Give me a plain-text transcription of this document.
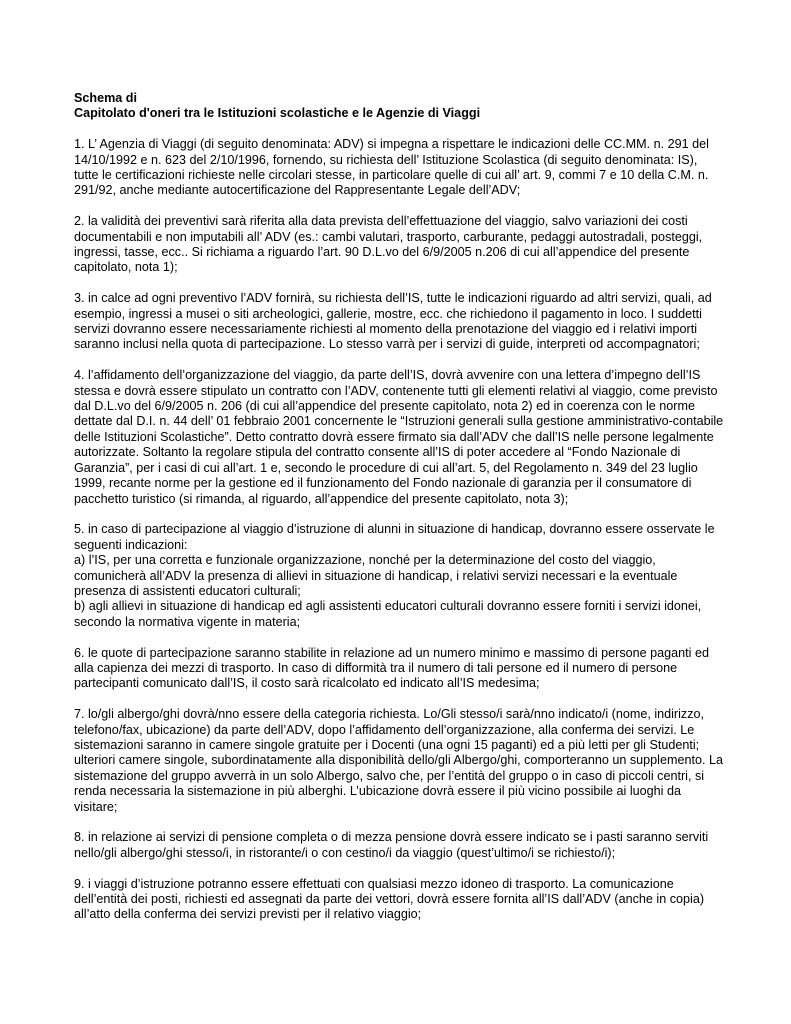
Schema di

Capitolato d'oneri tra le Istituzioni scolastiche e le Agenzie di Viaggi

1. L’ Agenzia di Viaggi (di seguito denominata: ADV) si impegna a rispettare le indicazioni delle CC.MM. n. 291 del 14/10/1992 e n. 623 del 2/10/1996, fornendo, su richiesta dell’ Istituzione Scolastica (di seguito denominata: IS), tutte le certificazioni richieste nelle circolari stesse, in particolare quelle di cui all’ art. 9, commi 7 e 10 della C.M. n. 291/92, anche mediante autocertificazione del Rappresentante Legale dell’ADV;

2. la validità dei preventivi sarà riferita alla data prevista dell’effettuazione del viaggio, salvo variazioni dei costi documentabili e non imputabili all’ ADV (es.: cambi valutari, trasporto, carburante, pedaggi autostradali, posteggi, ingressi, tasse, ecc.. Si richiama a riguardo l’art. 90 D.L.vo del 6/9/2005 n.206 di cui all’appendice del presente capitolato, nota 1);

3. in calce ad ogni preventivo l’ADV fornirà, su richiesta dell’IS, tutte le indicazioni riguardo ad altri servizi, quali, ad esempio, ingressi a musei o siti archeologici, gallerie, mostre, ecc. che richiedono il pagamento in loco. I suddetti servizi dovranno essere necessariamente richiesti al momento della prenotazione del viaggio ed i relativi importi saranno inclusi nella quota di partecipazione. Lo stesso varrà per i servizi di guide, interpreti od accompagnatori;

4. l’affidamento dell’organizzazione del viaggio, da parte dell’IS, dovrà avvenire con una lettera d’impegno dell’IS stessa e dovrà essere stipulato un contratto con l’ADV, contenente tutti gli elementi relativi al viaggio, come previsto dal D.L.vo del 6/9/2005 n. 206 (di cui all’appendice del presente capitolato, nota 2) ed in coerenza con le norme dettate dal D.I. n. 44 dell’ 01 febbraio 2001 concernente le “Istruzioni generali sulla gestione amministrativo-contabile delle Istituzioni Scolastiche”. Detto contratto dovrà essere firmato sia dall’ADV che dall’IS nelle persone legalmente autorizzate. Soltanto la regolare stipula del contratto consente all’IS di poter accedere al “Fondo Nazionale di Garanzia”, per i casi di cui all’art. 1 e, secondo le procedure di cui all’art. 5, del Regolamento n. 349 del 23 luglio 1999, recante norme per la gestione ed il funzionamento del Fondo nazionale di garanzia per il consumatore di pacchetto turistico (si rimanda, al riguardo, all’appendice del presente capitolato, nota 3);

5. in caso di partecipazione al viaggio d’istruzione di alunni in situazione di handicap, dovranno essere osservate le seguenti indicazioni:
a) l’IS, per una corretta e funzionale organizzazione, nonché per la determinazione del costo del viaggio, comunicherà all’ADV la presenza di allievi in situazione di handicap, i relativi servizi necessari e la eventuale presenza di assistenti educatori culturali;
b) agli allievi in situazione di handicap ed agli assistenti educatori culturali dovranno essere forniti i servizi idonei, secondo la normativa vigente in materia;

6. le quote di partecipazione saranno stabilite in relazione ad un numero minimo e massimo di persone paganti ed alla capienza dei mezzi di trasporto. In caso di difformità tra il numero di tali persone ed il numero di persone partecipanti comunicato dall’IS, il costo sarà ricalcolato ed indicato all’IS medesima;

7. lo/gli albergo/ghi dovrà/nno essere della categoria richiesta. Lo/Gli stesso/i sarà/nno indicato/i (nome, indirizzo, telefono/fax, ubicazione) da parte dell’ADV, dopo l’affidamento dell’organizzazione, alla conferma dei servizi. Le sistemazioni saranno in camere singole gratuite per i Docenti (una ogni 15 paganti) ed a più letti per gli Studenti; ulteriori camere singole, subordinatamente alla disponibilità dello/gli Albergo/ghi, comporteranno un supplemento. La sistemazione del gruppo avverrà in un solo Albergo, salvo che, per l’entità del gruppo o in caso di piccoli centri, si renda necessaria la sistemazione in più alberghi. L’ubicazione dovrà essere il più vicino possibile ai luoghi da visitare;

8. in relazione ai servizi di pensione completa o di mezza pensione dovrà essere indicato se i pasti saranno serviti nello/gli albergo/ghi stesso/i, in ristorante/i o con cestino/i da viaggio (quest’ultimo/i se richiesto/i);

9. i viaggi d’istruzione potranno essere effettuati con qualsiasi mezzo idoneo di trasporto. La comunicazione dell’entità dei posti, richiesti ed assegnati da parte dei vettori, dovrà essere fornita all’IS dall’ADV (anche in copia) all’atto della conferma dei servizi previsti per il relativo viaggio;
